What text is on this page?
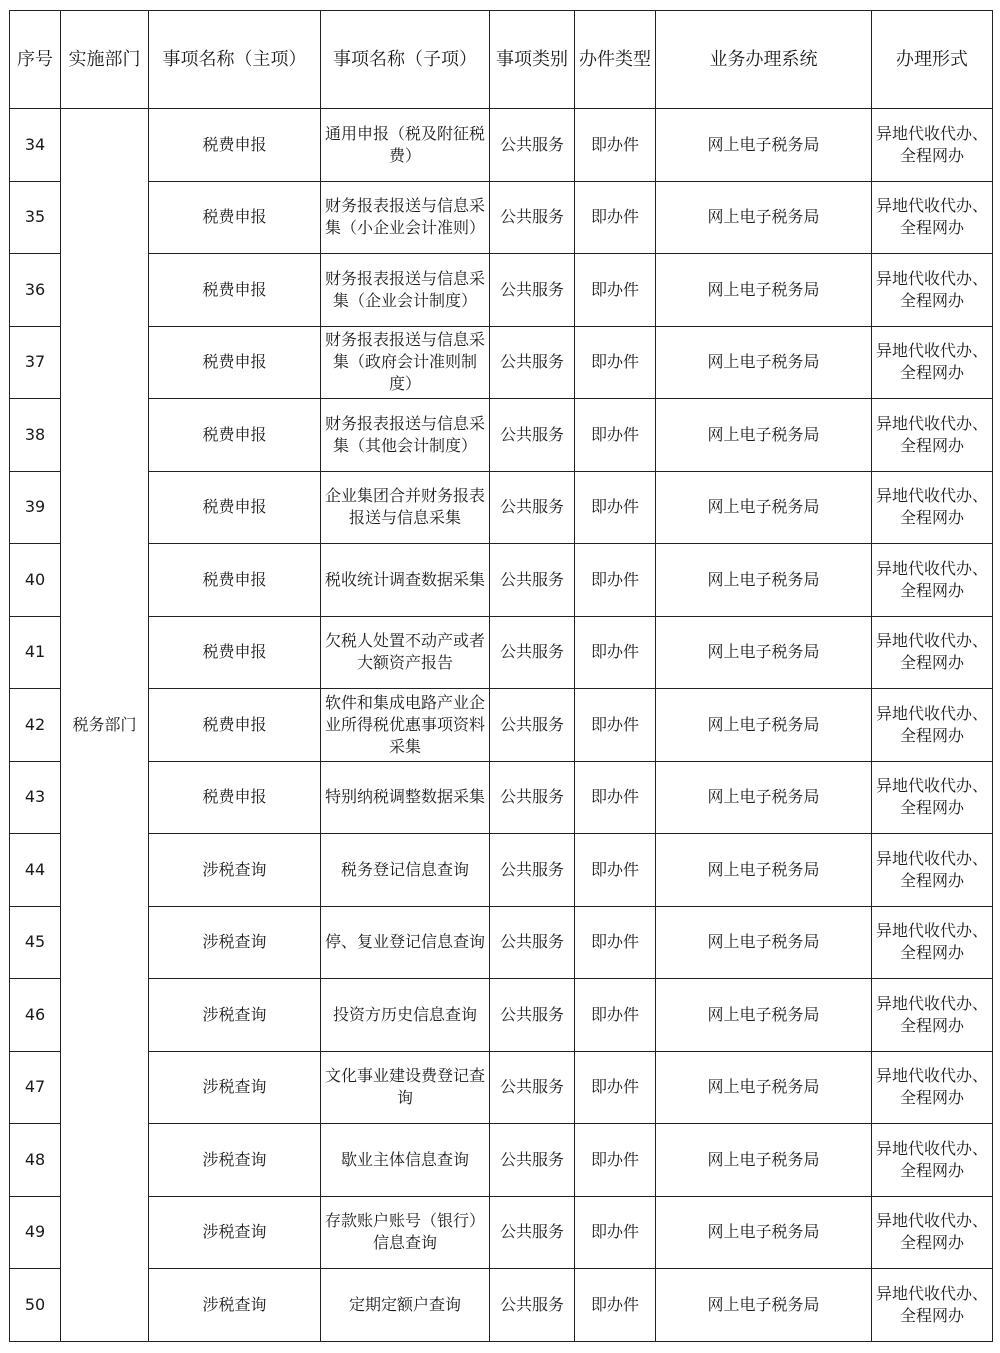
序号	实施部门	事项名称（主项）	事项名称（子项）	事项类别	办件类型	业务办理系统	办理形式
34	税务部门	税费申报	通用申报（税及附征税费）	公共服务	即办件	网上电子税务局	异地代收代办、全程网办
35		税费申报	财务报表报送与信息采集（小企业会计准则）	公共服务	即办件	网上电子税务局	异地代收代办、全程网办
36		税费申报	财务报表报送与信息采集（企业会计制度）	公共服务	即办件	网上电子税务局	异地代收代办、全程网办
37		税费申报	财务报表报送与信息采集（政府会计准则制度）	公共服务	即办件	网上电子税务局	异地代收代办、全程网办
38		税费申报	财务报表报送与信息采集（其他会计制度）	公共服务	即办件	网上电子税务局	异地代收代办、全程网办
39		税费申报	企业集团合并财务报表报送与信息采集	公共服务	即办件	网上电子税务局	异地代收代办、全程网办
40		税费申报	税收统计调查数据采集	公共服务	即办件	网上电子税务局	异地代收代办、全程网办
41		税费申报	欠税人处置不动产或者大额资产报告	公共服务	即办件	网上电子税务局	异地代收代办、全程网办
42		税费申报	软件和集成电路产业企业所得税优惠事项资料采集	公共服务	即办件	网上电子税务局	异地代收代办、全程网办
43		税费申报	特别纳税调整数据采集	公共服务	即办件	网上电子税务局	异地代收代办、全程网办
44		涉税查询	税务登记信息查询	公共服务	即办件	网上电子税务局	异地代收代办、全程网办
45		涉税查询	停、复业登记信息查询	公共服务	即办件	网上电子税务局	异地代收代办、全程网办
46		涉税查询	投资方历史信息查询	公共服务	即办件	网上电子税务局	异地代收代办、全程网办
47		涉税查询	文化事业建设费登记查询	公共服务	即办件	网上电子税务局	异地代收代办、全程网办
48		涉税查询	歇业主体信息查询	公共服务	即办件	网上电子税务局	异地代收代办、全程网办
49		涉税查询	存款账户账号（银行）信息查询	公共服务	即办件	网上电子税务局	异地代收代办、全程网办
50		涉税查询	定期定额户查询	公共服务	即办件	网上电子税务局	异地代收代办、全程网办
